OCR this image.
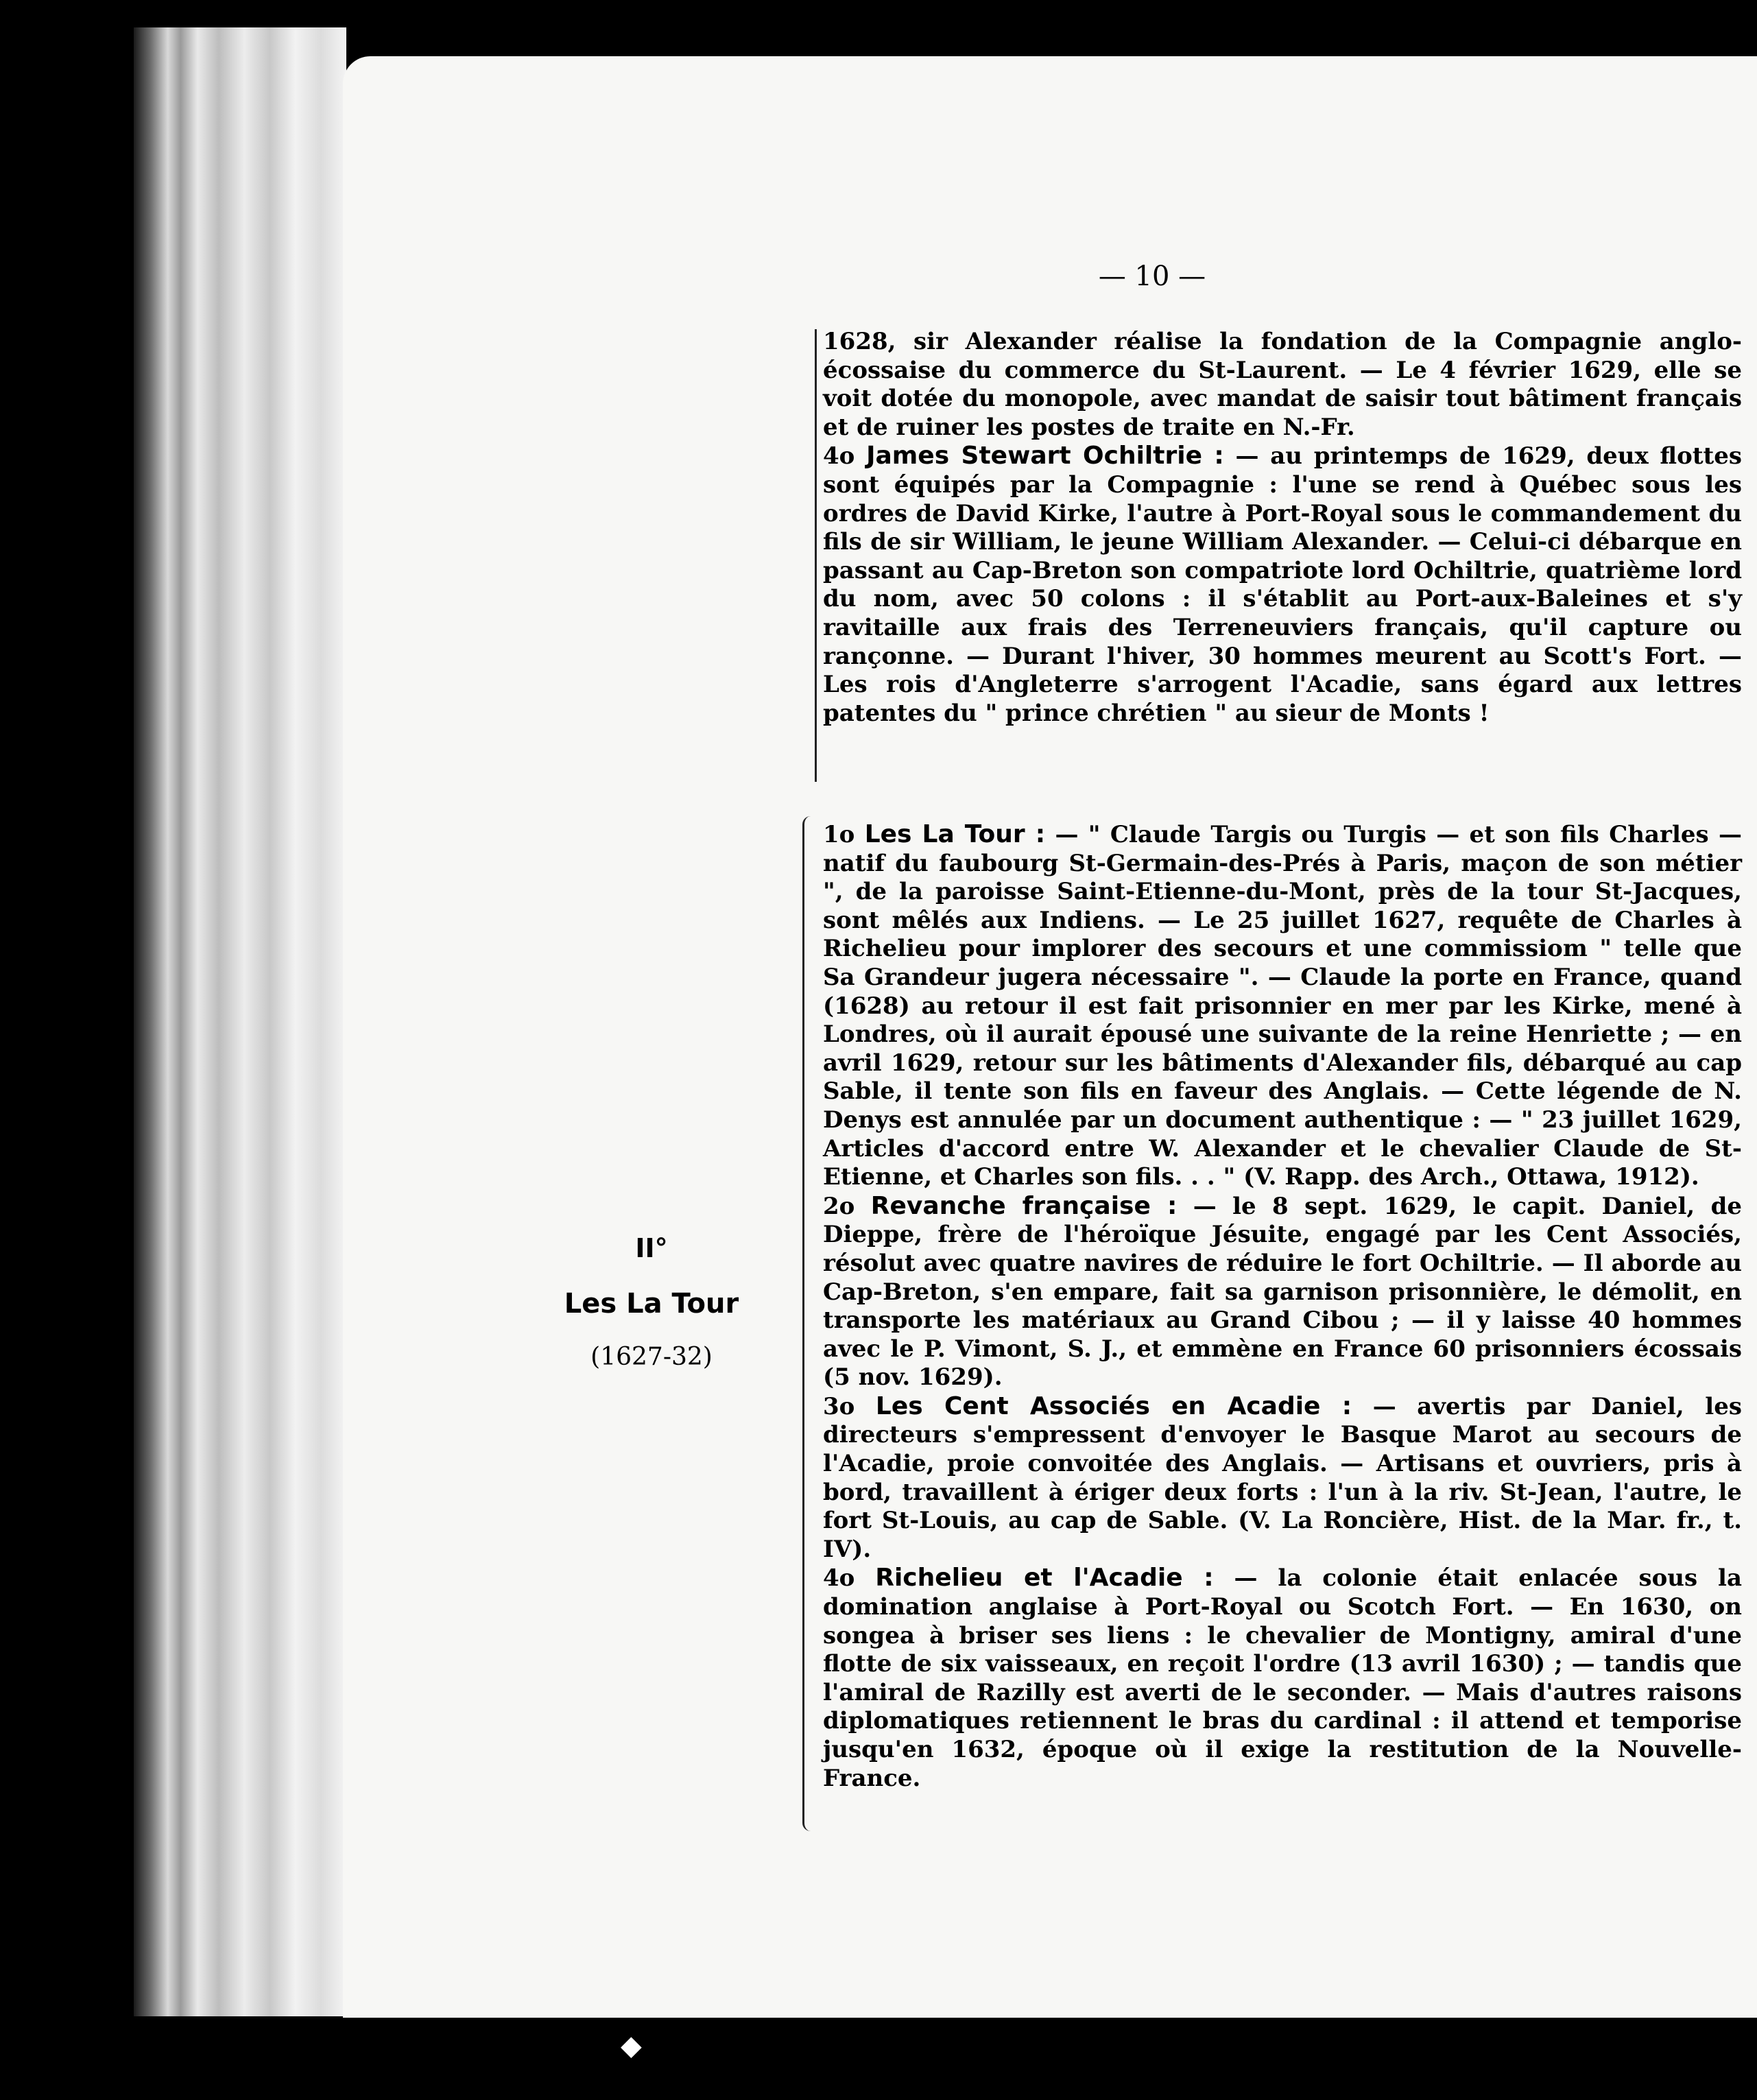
— 10 —
II°
Les La Tour
(1627-32)

1628, sir Alexander réalise la fondation de la Compagnie anglo-écossaise du commerce du St-Laurent. — Le 4 février 1629, elle se voit dotée du monopole, avec mandat de saisir tout bâtiment français et de ruiner les postes de traite en N.-Fr.

4o James Stewart Ochiltrie : — au printemps de 1629, deux flottes sont équipés par la Compagnie : l'une se rend à Québec sous les ordres de David Kirke, l'autre à Port-Royal sous le commandement du fils de sir William, le jeune William Alexander. — Celui-ci débarque en passant au Cap-Breton son compatriote lord Ochiltrie, quatrième lord du nom, avec 50 colons : il s'établit au Port-aux-Baleines et s'y ravitaille aux frais des Terreneuviers français, qu'il capture ou rançonne. — Durant l'hiver, 30 hommes meurent au Scott's Fort. — Les rois d'Angleterre s'arrogent l'Acadie, sans égard aux lettres patentes du " prince chrétien " au sieur de Monts !

1o Les La Tour : — " Claude Targis ou Turgis — et son fils Charles — natif du faubourg St-Germain-des-Prés à Paris, maçon de son métier ", de la paroisse Saint-Etienne-du-Mont, près de la tour St-Jacques, sont mêlés aux Indiens. — Le 25 juillet 1627, requête de Charles à Richelieu pour implorer des secours et une commissiom " telle que Sa Grandeur jugera nécessaire ". — Claude la porte en France, quand (1628) au retour il est fait prisonnier en mer par les Kirke, mené à Londres, où il aurait épousé une suivante de la reine Henriette ; — en avril 1629, retour sur les bâtiments d'Alexander fils, débarqué au cap Sable, il tente son fils en faveur des Anglais. — Cette légende de N. Denys est annulée par un document authentique : — " 23 juillet 1629, Articles d'accord entre W. Alexander et le chevalier Claude de St-Etienne, et Charles son fils. . . " (V. Rapp. des Arch., Ottawa, 1912).

2o Revanche française : — le 8 sept. 1629, le capit. Daniel, de Dieppe, frère de l'héroïque Jésuite, engagé par les Cent Associés, résolut avec quatre navires de réduire le fort Ochiltrie. — Il aborde au Cap-Breton, s'en empare, fait sa garnison prisonnière, le démolit, en transporte les matériaux au Grand Cibou ; — il y laisse 40 hommes avec le P. Vimont, S. J., et emmène en France 60 prisonniers écossais (5 nov. 1629).

3o Les Cent Associés en Acadie : — avertis par Daniel, les directeurs s'empressent d'envoyer le Basque Marot au secours de l'Acadie, proie convoitée des Anglais. — Artisans et ouvriers, pris à bord, travaillent à ériger deux forts : l'un à la riv. St-Jean, l'autre, le fort St-Louis, au cap de Sable. (V. La Roncière, Hist. de la Mar. fr., t. IV).

4o Richelieu et l'Acadie : — la colonie était enlacée sous la domination anglaise à Port-Royal ou Scotch Fort. — En 1630, on songea à briser ses liens : le chevalier de Montigny, amiral d'une flotte de six vaisseaux, en reçoit l'ordre (13 avril 1630) ; — tandis que l'amiral de Razilly est averti de le seconder. — Mais d'autres raisons diplomatiques retiennent le bras du cardinal : il attend et temporise jusqu'en 1632, époque où il exige la restitution de la Nouvelle-France.

◆
